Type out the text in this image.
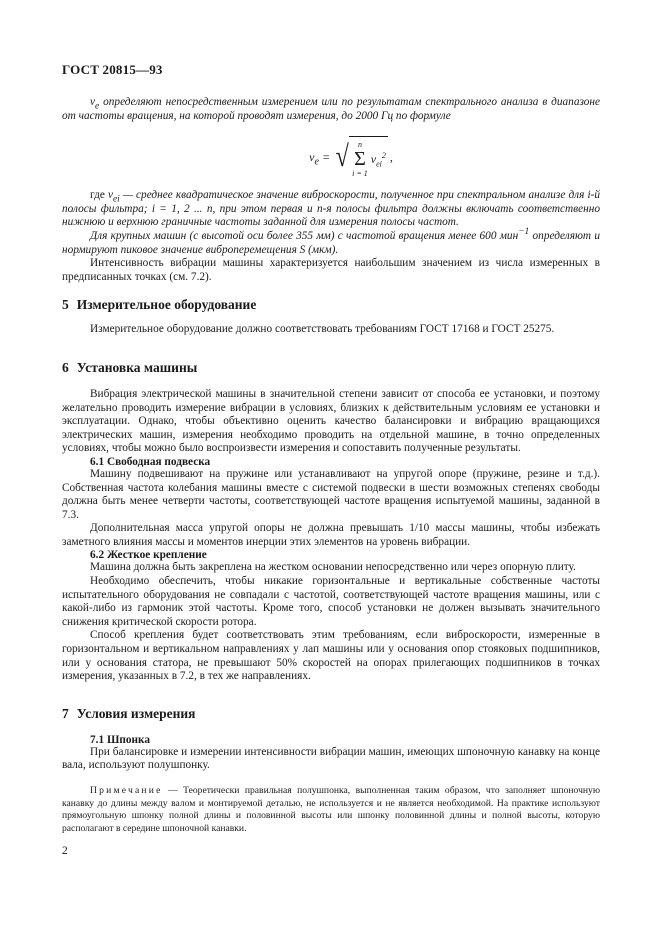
ГОСТ 20815—93

$v_e$ определяют непосредственным измерением или по результатам спектрального анализа в диапазоне от частоты вращения, на которой проводят измерения, до 2000 Гц по формуле

$v_e$ = √ n
Σ
i = 1
$v_{ei}^2$ ,

где $v_{ei}$ — среднее квадратическое значение виброскорости, полученное при спектральном анализе для i-й полосы фильтра; i = 1, 2 ... n, при этом первая и n-я полосы фильтра должны включать соответственно нижнюю и верхнюю граничные частоты заданной для измерения полосы частот.

Для крупных машин (с высотой оси более 355 мм) с частотой вращения менее 600 мин$^{-1}$ определяют и нормируют пиковое значение виброперемещения S (мкм).

Интенсивность вибрации машины характеризуется наибольшим значением из числа измеренных в предписанных точках (см. 7.2).

5 Измерительное оборудование

Измерительное оборудование должно соответствовать требованиям ГОСТ 17168 и ГОСТ 25275.

6 Установка машины

Вибрация электрической машины в значительной степени зависит от способа ее установки, и поэтому желательно проводить измерение вибрации в условиях, близких к действительным условиям ее установки и эксплуатации. Однако, чтобы объективно оценить качество балансировки и вибрацию вращающихся электрических машин, измерения необходимо проводить на отдельной машине, в точно определенных условиях, чтобы можно было воспроизвести измерения и сопоставить полученные результаты.

6.1 Свободная подвеска

Машину подвешивают на пружине или устанавливают на упругой опоре (пружине, резине и т.д.). Собственная частота колебания машины вместе с системой подвески в шести возможных степенях свободы должна быть менее четверти частоты, соответствующей частоте вращения испытуемой машины, заданной в 7.3.

Дополнительная масса упругой опоры не должна превышать 1/10 массы машины, чтобы избежать заметного влияния массы и моментов инерции этих элементов на уровень вибрации.

6.2 Жесткое крепление

Машина должна быть закреплена на жестком основании непосредственно или через опорную плиту.

Необходимо обеспечить, чтобы никакие горизонтальные и вертикальные собственные частоты испытательного оборудования не совпадали с частотой, соответствующей частоте вращения машины, или с какой-либо из гармоник этой частоты. Кроме того, способ установки не должен вызывать значительного снижения критической скорости ротора.

Способ крепления будет соответствовать этим требованиям, если виброскорости, измеренные в горизонтальном и вертикальном направлениях у лап машины или у основания опор стояковых подшипников, или у основания статора, не превышают 50% скоростей на опорах прилегающих подшипников в точках измерения, указанных в 7.2, в тех же направлениях.

7 Условия измерения
7.1 Шпонка

При балансировке и измерении интенсивности вибрации машин, имеющих шпоночную канавку на конце вала, используют полушпонку.

Примечание — Теоретически правильная полушпонка, выполненная таким образом, что заполняет шпоночную канавку до длины между валом и монтируемой деталью, не используется и не является необходимой. На практике используют прямоугольную шпонку полной длины и половинной высоты или шпонку половинной длины и полной высоты, которую располагают в середине шпоночной канавки.

2
